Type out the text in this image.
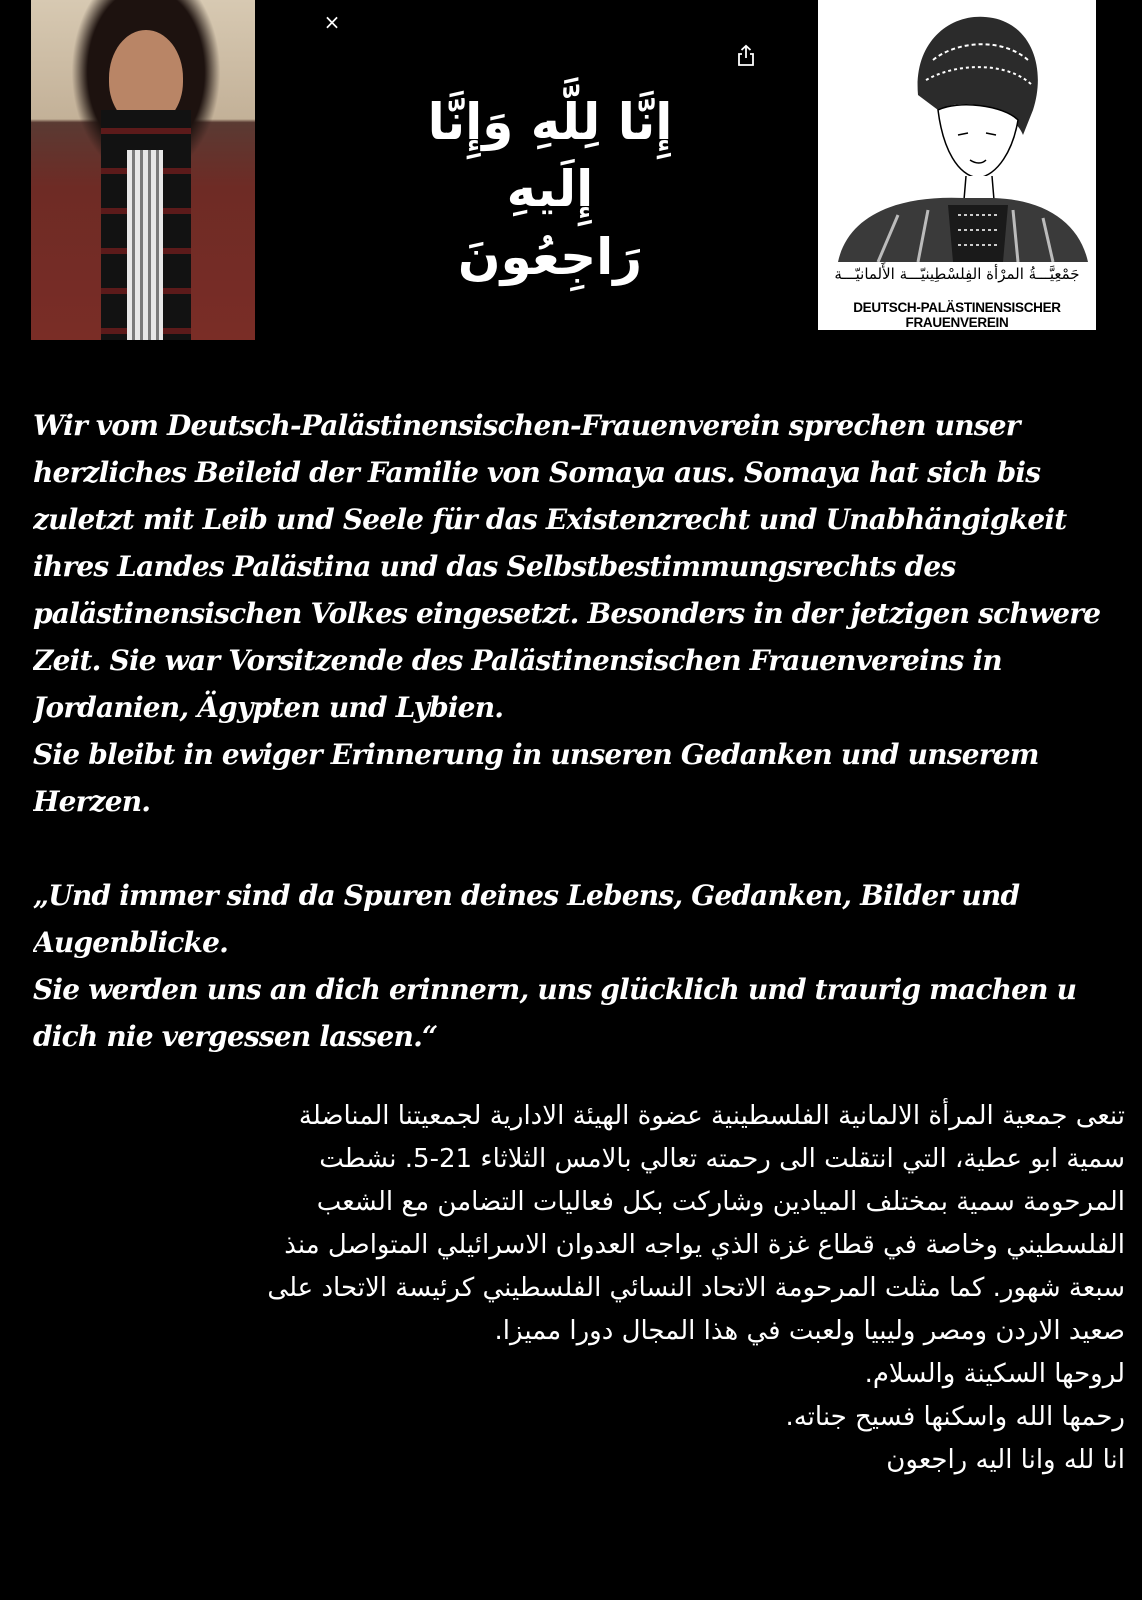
×
إِنَّا لِلَّهِ وَإِنَّا إِلَيهِ
رَاجِعُونَ	جَمْعِيَّـــةُ المرْأة الفِلسْطِينيّـــة الأَلمانيّـــة
DEUTSCH-PALÄSTINENSISCHER FRAUENVEREIN
Wir vom Deutsch-Palästinensischen-Frauenverein sprechen unser
herzliches Beileid der Familie von Somaya aus. Somaya hat sich bis
zuletzt mit Leib und Seele für das Existenzrecht und Unabhängigkeit
ihres Landes Palästina und das Selbstbestimmungsrechts des
palästinensischen Volkes eingesetzt. Besonders in der jetzigen schwere
Zeit. Sie war Vorsitzende des Palästinensischen Frauenvereins in
Jordanien, Ägypten und Lybien.
Sie bleibt in ewiger Erinnerung in unseren Gedanken und unserem
Herzen.
„Und immer sind da Spuren deines Lebens, Gedanken, Bilder und
Augenblicke.
Sie werden uns an dich erinnern, uns glücklich und traurig machen u
dich nie vergessen lassen.“
تنعى جمعية المرأة الالمانية الفلسطينية عضوة الهيئة الادارية لجمعيتنا المناضلة
سمية ابو عطية، التي انتقلت الى رحمته تعالي بالامس الثلاثاء 21-5. نشطت
المرحومة سمية بمختلف الميادين وشاركت بكل فعاليات التضامن مع الشعب
الفلسطيني وخاصة في قطاع غزة الذي يواجه العدوان الاسرائيلي المتواصل منذ
سبعة شهور. كما مثلت المرحومة الاتحاد النسائي الفلسطيني كرئيسة الاتحاد على
صعيد الاردن ومصر وليبيا ولعبت في هذا المجال دورا مميزا.
لروحها السكينة والسلام.
رحمها الله واسكنها فسيح جناته.
انا لله وانا اليه راجعون
